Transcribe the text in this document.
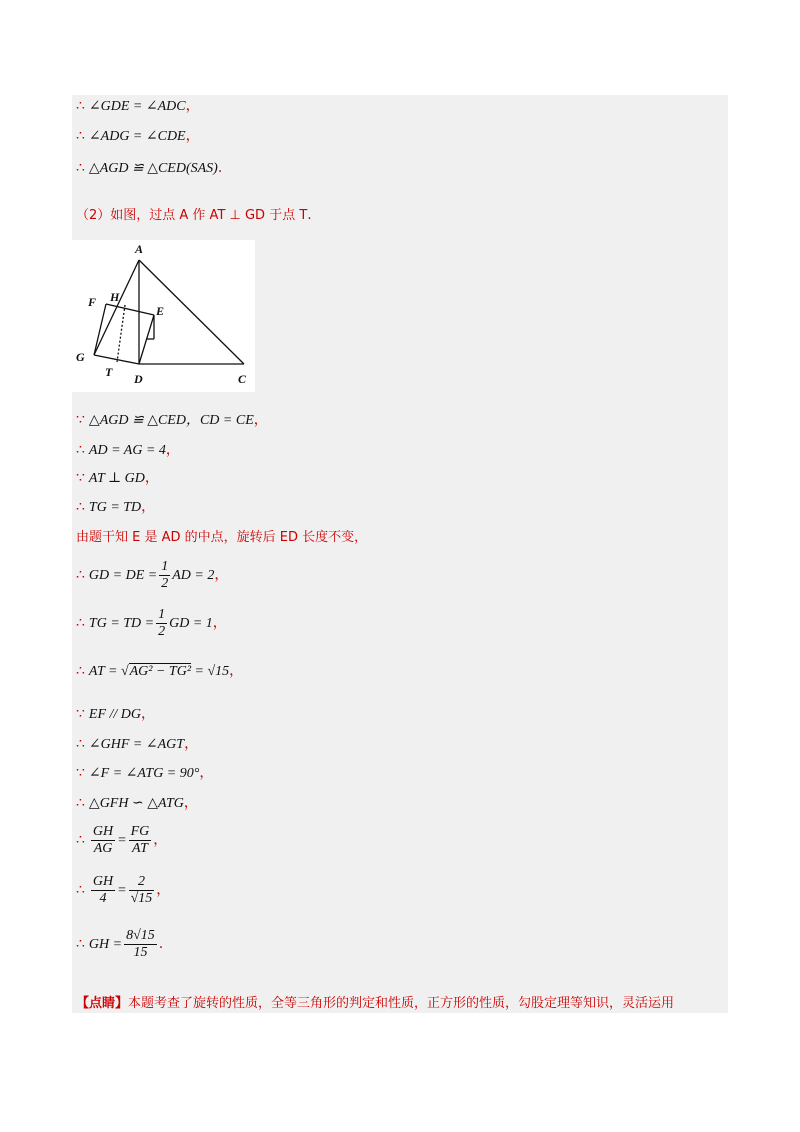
∴ ∠GDE = ∠ADC，
∴ ∠ADG = ∠CDE，
∴ △AGD ≌ △CED(SAS).
（2）如图，过点 A 作 AT ⊥ GD 于点 T.
A
H
F
E
G
T D	C
∵ △AGD ≌ △CED，CD = CE，
∴ AD = AG = 4，
∵ AT ⊥ GD，
∴ TG = TD，
由题干知 E 是 AD 的中点，旋转后 ED 长度不变，
∴ GD = DE = $\frac{1}{2}$ AD = 2，
∴ TG = TD = $\frac{1}{2}$ GD = 1，
∴ AT = √AG² − TG² = √15，
∵ EF // DG，
∴ ∠GHF = ∠AGT，
∵ ∠F = ∠ATG = 90°，
∴ △GFH ∽ △ATG，
∴ $\frac{GH}{AG} = \frac{FG}{AT}$ ，
∴ $\frac{GH}{4} = \frac{2}{√15}$ ，
∴ GH = $\frac{8√15}{15}$ .
【点睛】本题考查了旋转的性质，全等三角形的判定和性质，正方形的性质，勾股定理等知识，灵活运用
